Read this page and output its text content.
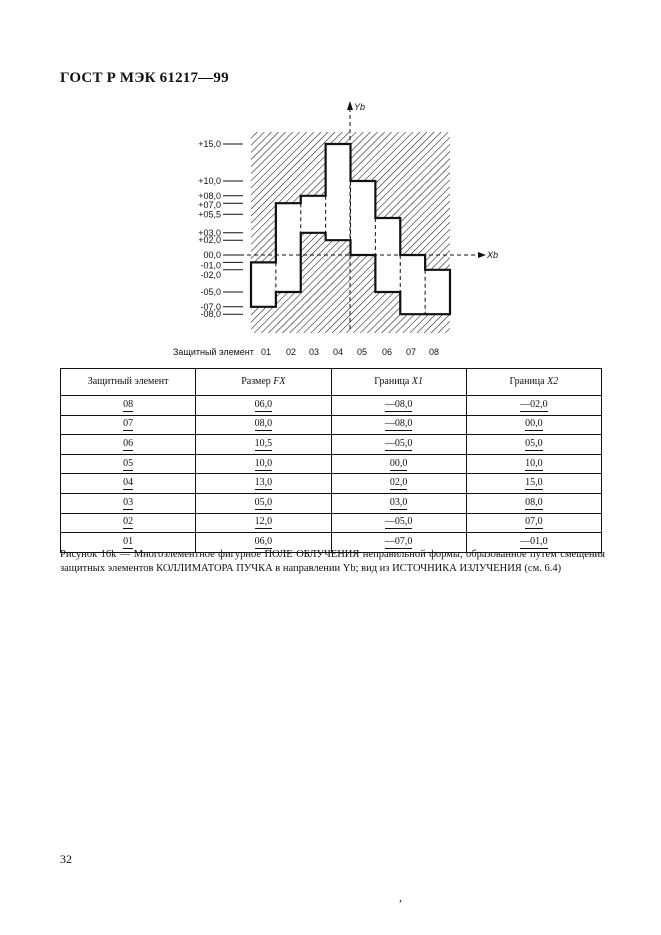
ГОСТ Р МЭК 61217—99
Yb
Xb
+15,0
+10,0
+08,0
+07,0
+05,5
+03,0
+02,0
00,0
-01,0
-02,0
-05,0
-07,0
-08,0
Защитный элемент 01 02 03 04 05 06 07 08
Защитный элемент	Размер FX	Граница X1	Граница X2
08	06,0	—08,0	—02,0
07	08,0	—08,0	00,0
06	10,5	—05,0	05,0
05	10,0	00,0	10,0
04	13,0	02,0	15,0
03	05,0	03,0	08,0
02	12,0	—05,0	07,0
01	06,0	—07,0	—01,0
Рисунок 16k — Многоэлементное фигурное ПОЛЕ ОБЛУЧЕНИЯ неправильной формы, образованное путем смещения защитных элементов КОЛЛИМАТОРА ПУЧКА в направлении Yb; вид из ИСТОЧНИКА ИЗЛУЧЕНИЯ (см. 6.4)
32
,
